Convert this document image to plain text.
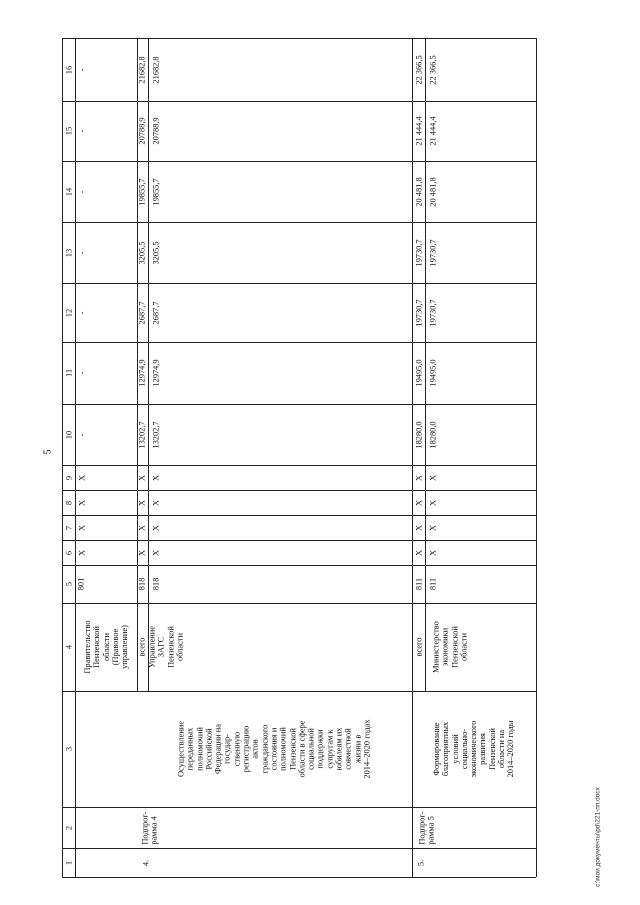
5
c:\мои документы\pd\221-пп.docx
1
2
3
4
5
6
7
8
9
10
11
12
13
14
15
16
Правительство
Пензенской
области
(Правовое
управление)
801
X
X
X
X
-
-
-
-
-
-
-
4.
Подпрог-
рамма 4
Осуществление
переданных
полномочий
Российской
Федерации на
государ-
ственную
регистрацию
актов
гражданского
состояния и
полномочий
Пензенской
области в сфере
социальной
поддержки
супругам к
юбилеям их
совместной
жизни в
2014–2020 годах
всего Управление
ЗАГС
Пензенской
области
818 818
X X
X X
X X
X X
13202,7 13202,7
12974,9 12974,9
2687,7 2687,7
3205,5 3205,5
19855,7 19855,7
20788,9 20788,9
21682,8 21682,8
5.
Подпрог-
рамма 5
Формирование
благоприятных
условий
социально-
экономического
развития
Пензенской
области на
2014–2020 годы
всего Министерство
экономики
Пензенской
области
811 811
X X
X X
X X
X X
18280,0 18280,0
19495,0 19495,0
19730,7 19730,7
19730,7 19730,7
20 481,8 20 481,8
21 444,4 21 444,4
22 366,5 22 366,5
